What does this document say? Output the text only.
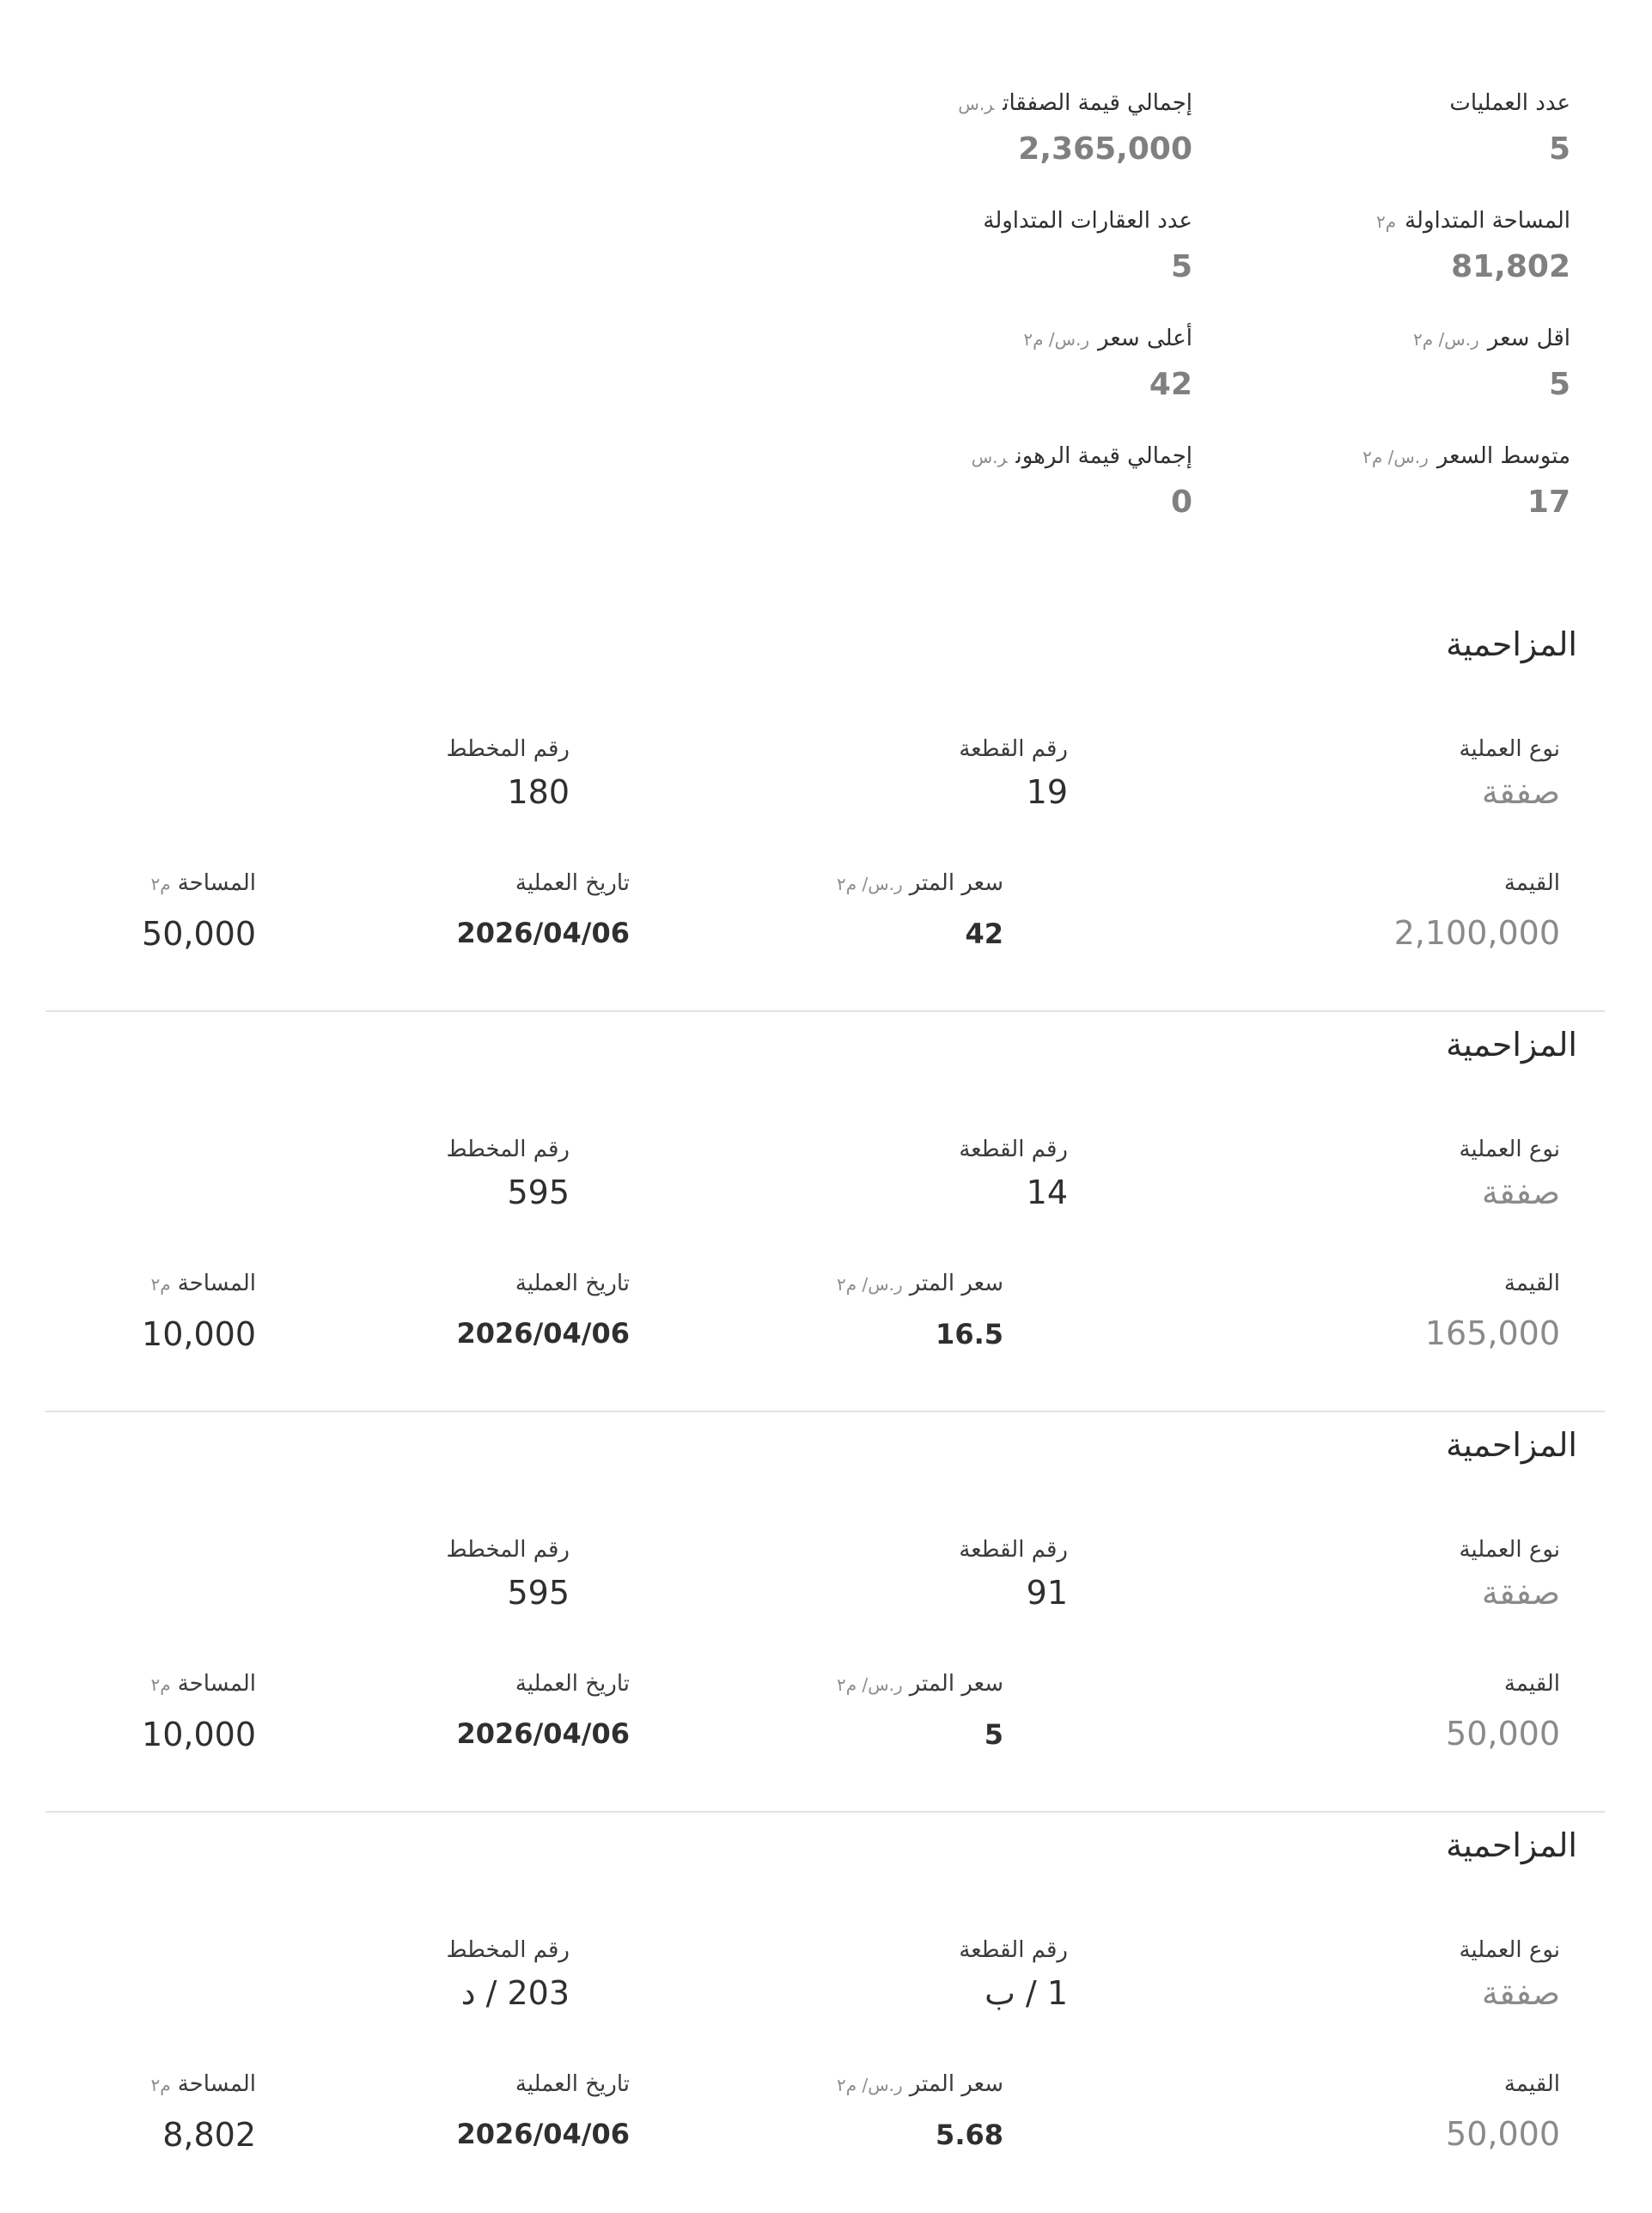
عدد العمليات
5
إجمالي قيمة الصفقاتر.س
2,365,000
المساحة المتداولةم٢
81,802
عدد العقارات المتداولة
5
اقل سعرر.س/ م٢
5
أعلى سعرر.س/ م٢
42
متوسط السعرر.س/ م٢
17
إجمالي قيمة الرهونر.س
0
المزاحمية
نوع العملية
صفقة
رقم القطعة
19
رقم المخطط
180
القيمة
2,100,000
سعر المترر.س/ م٢
42
تاريخ العملية
2026/04/06
المساحةم٢
50,000
المزاحمية
نوع العملية
صفقة
رقم القطعة
14
رقم المخطط
595
القيمة
165,000
سعر المترر.س/ م٢
16.5
تاريخ العملية
2026/04/06
المساحةم٢
10,000
المزاحمية
نوع العملية
صفقة
رقم القطعة
91
رقم المخطط
595
القيمة
50,000
سعر المترر.س/ م٢
5
تاريخ العملية
2026/04/06
المساحةم٢
10,000
المزاحمية
نوع العملية
صفقة
رقم القطعة
1 / ب
رقم المخطط
203 / د
القيمة
50,000
سعر المترر.س/ م٢
5.68
تاريخ العملية
2026/04/06
المساحةم٢
8,802
